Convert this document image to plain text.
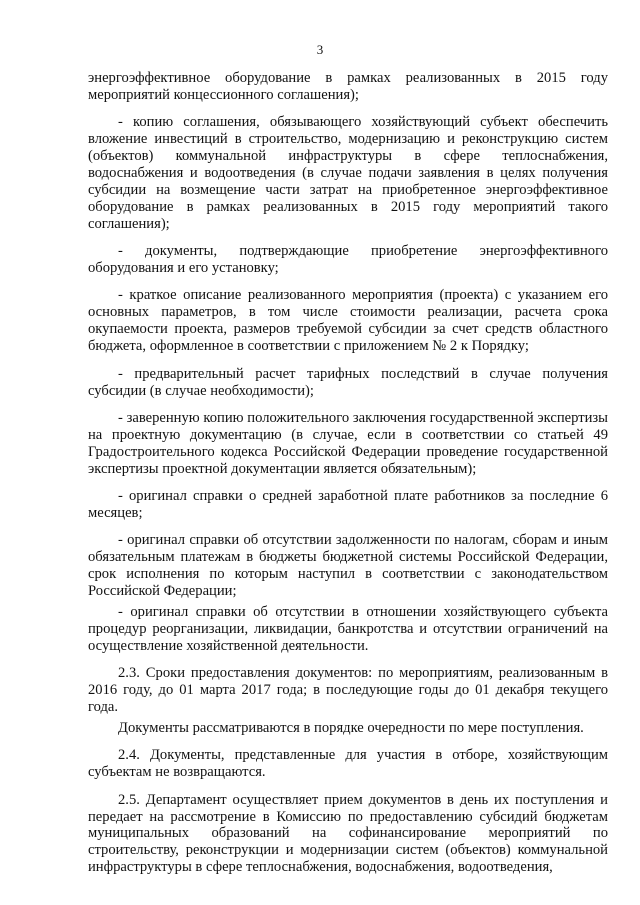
3

энергоэффективное оборудование в рамках реализованных в 2015 году мероприятий концессионного соглашения);

- копию соглашения, обязывающего хозяйствующий субъект обеспечить вложение инвестиций в строительство, модернизацию и реконструкцию систем (объектов) коммунальной инфраструктуры в сфере теплоснабжения, водоснабжения и водоотведения (в случае подачи заявления в целях получения субсидии на возмещение части затрат на приобретенное энергоэффективное оборудование в рамках реализованных в 2015 году мероприятий такого соглашения);

- документы, подтверждающие приобретение энергоэффективного оборудования и его установку;

- краткое описание реализованного мероприятия (проекта) с указанием его основных параметров, в том числе стоимости реализации, расчета срока окупаемости проекта, размеров требуемой субсидии за счет средств областного бюджета, оформленное в соответствии с приложением № 2 к Порядку;

- предварительный расчет тарифных последствий в случае получения субсидии (в случае необходимости);

- заверенную копию положительного заключения государственной экспертизы на проектную документацию (в случае, если в соответствии со статьей 49 Градостроительного кодекса Российской Федерации проведение государственной экспертизы проектной документации является обязательным);

- оригинал справки о средней заработной плате работников за последние 6 месяцев;

- оригинал справки об отсутствии задолженности по налогам, сборам и иным обязательным платежам в бюджеты бюджетной системы Российской Федерации, срок исполнения по которым наступил в соответствии с законодательством Российской Федерации;

- оригинал справки об отсутствии в отношении хозяйствующего субъекта процедур реорганизации, ликвидации, банкротства и отсутствии ограничений на осуществление хозяйственной деятельности.

2.3. Сроки предоставления документов: по мероприятиям, реализованным в 2016 году, до 01 марта 2017 года; в последующие годы до 01 декабря текущего года.

Документы рассматриваются в порядке очередности по мере поступления.

2.4. Документы, представленные для участия в отборе, хозяйствующим субъектам не возвращаются.

2.5. Департамент осуществляет прием документов в день их поступления и передает на рассмотрение в Комиссию по предоставлению субсидий бюджетам муниципальных образований на софинансирование мероприятий по строительству, реконструкции и модернизации систем (объектов) коммунальной инфраструктуры в сфере теплоснабжения, водоснабжения, водоотведения,
